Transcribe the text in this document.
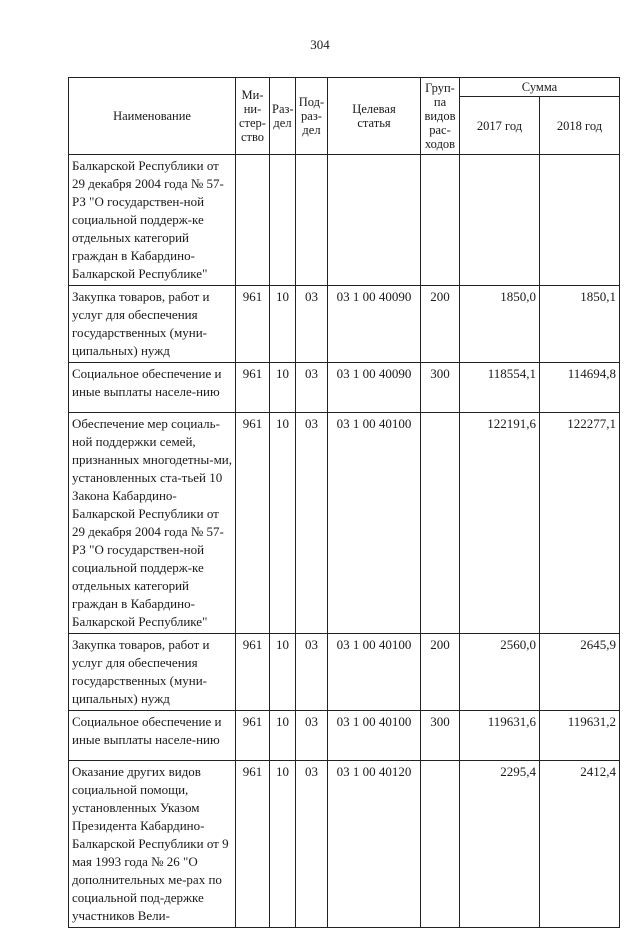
304
Наименование	Ми-
ни-
стер-
ство	Раз-
дел	Под-
раз-
дел	Целевая
статья	Груп-
па
видов
рас-
ходов	Сумма	
						2017 год	2018 год
Балкарской Республики от 29 декабря 2004 года № 57-РЗ "О государствен-ной социальной поддерж-ке отдельных категорий граждан в Кабардино-Балкарской Республике"							
Закупка товаров, работ и услуг для обеспечения государственных (муни-ципальных) нужд	961	10	03	03 1 00 40090	200	1850,0	1850,1
Социальное обеспечение и иные выплаты населе-нию	961	10	03	03 1 00 40090	300	118554,1	114694,8
Обеспечение мер социаль-ной поддержки семей, признанных многодетны-ми, установленных ста-тьей 10 Закона Кабардино-Балкарской Республики от 29 декабря 2004 года № 57-РЗ "О государствен-ной социальной поддерж-ке отдельных категорий граждан в Кабардино-Балкарской Республике"	961	10	03	03 1 00 40100		122191,6	122277,1
Закупка товаров, работ и услуг для обеспечения государственных (муни-ципальных) нужд	961	10	03	03 1 00 40100	200	2560,0	2645,9
Социальное обеспечение и иные выплаты населе-нию	961	10	03	03 1 00 40100	300	119631,6	119631,2
Оказание других видов социальной помощи, установленных Указом Президента Кабардино-Балкарской Республики от 9 мая 1993 года № 26 "О дополнительных ме-рах по социальной под-держке участников Вели-	961	10	03	03 1 00 40120		2295,4	2412,4
